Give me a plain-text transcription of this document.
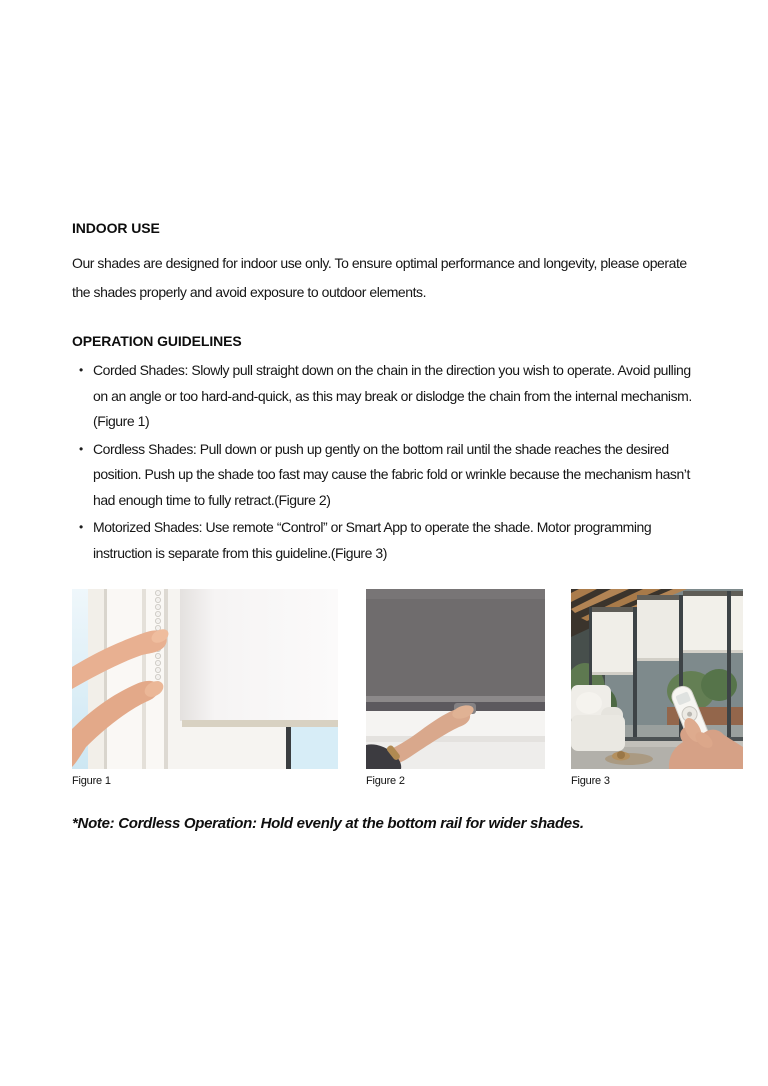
INDOOR USE

Our shades are designed for indoor use only. To ensure optimal performance and longevity, please operate the shades properly and avoid exposure to outdoor elements.

OPERATION GUIDELINES
• Corded Shades: Slowly pull straight down on the chain in the direction you wish to operate. Avoid pulling on an angle or too hard-and-quick, as this may break or dislodge the chain from the internal mechanism. (Figure 1)
• Cordless Shades: Pull down or push up gently on the bottom rail until the shade reaches the desired position. Push up the shade too fast may cause the fabric fold or wrinkle because the mechanism hasn’t had enough time to fully retract.(Figure 2)
• Motorized Shades: Use remote “Control” or Smart App to operate the shade. Motor programming instruction is separate from this guideline.(Figure 3)
Figure 1	Figure 2	Figure 3

*Note: Cordless Operation: Hold evenly at the bottom rail for wider shades.
